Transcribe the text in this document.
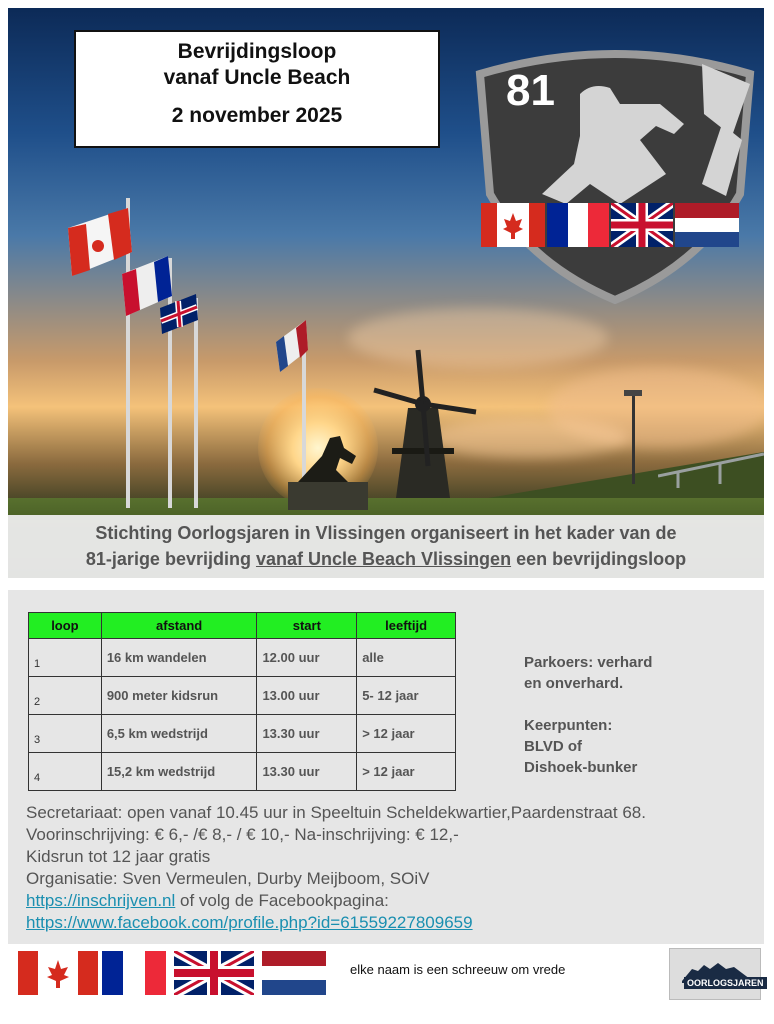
Bevrijdingsloop
vanaf Uncle Beach
2 november 2025
81
Stichting Oorlogsjaren in Vlissingen organiseert in het kader van de
81-jarige bevrijding vanaf Uncle Beach Vlissingen een bevrijdingsloop
loop	afstand	start	leeftijd
1	16 km wandelen	12.00 uur	alle
2	900 meter kidsrun	13.00 uur	5- 12 jaar
3	6,5 km wedstrijd	13.30 uur	> 12 jaar
4	15,2 km wedstrijd	13.30 uur	> 12 jaar
Parkoers: verhard
en onverhard.
Keerpunten:
BLVD of
Dishoek-bunker
Secretariaat: open vanaf 10.45 uur in Speeltuin Scheldekwartier,Paardenstraat 68.
Voorinschrijving: € 6,- /€ 8,- / € 10,- Na-inschrijving: € 12,-
Kidsrun tot 12 jaar gratis
Organisatie: Sven Vermeulen, Durby Meijboom, SOiV
https://inschrijven.nl of volg de Facebookpagina:
https://www.facebook.com/profile.php?id=61559227809659
elke naam is een schreeuw om vrede
OORLOGSJAREN
